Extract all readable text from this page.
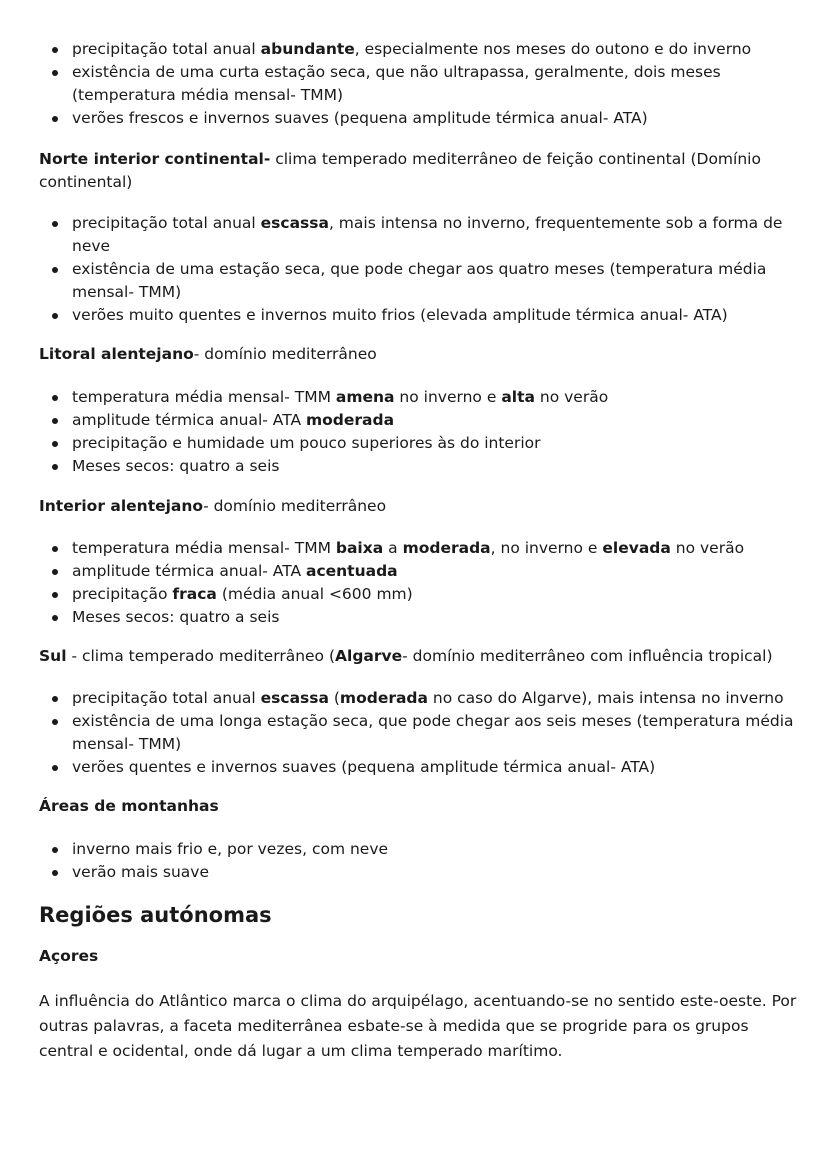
precipitação total anual abundante, especialmente nos meses do outono e do inverno
existência de uma curta estação seca, que não ultrapassa, geralmente, dois meses (temperatura média mensal- TMM)
verões frescos e invernos suaves (pequena amplitude térmica anual- ATA)

Norte interior continental- clima temperado mediterrâneo de feição continental (Domínio continental)

precipitação total anual escassa, mais intensa no inverno, frequentemente sob a forma de neve
existência de uma estação seca, que pode chegar aos quatro meses (temperatura média mensal- TMM)
verões muito quentes e invernos muito frios (elevada amplitude térmica anual- ATA)

Litoral alentejano- domínio mediterrâneo

temperatura média mensal- TMM amena no inverno e alta no verão
amplitude térmica anual- ATA moderada
precipitação e humidade um pouco superiores às do interior
Meses secos: quatro a seis

Interior alentejano- domínio mediterrâneo

temperatura média mensal- TMM baixa a moderada, no inverno e elevada no verão
amplitude térmica anual- ATA acentuada
precipitação fraca (média anual <600 mm)
Meses secos: quatro a seis

Sul - clima temperado mediterrâneo (Algarve- domínio mediterrâneo com influência tropical)

precipitação total anual escassa (moderada no caso do Algarve), mais intensa no inverno
existência de uma longa estação seca, que pode chegar aos seis meses (temperatura média mensal- TMM)
verões quentes e invernos suaves (pequena amplitude térmica anual- ATA)
Áreas de montanhas
inverno mais frio e, por vezes, com neve
verão mais suave
Regiões autónomas
Açores

A influência do Atlântico marca o clima do arquipélago, acentuando-se no sentido este-oeste. Por outras palavras, a faceta mediterrânea esbate-se à medida que se progride para os grupos central e ocidental, onde dá lugar a um clima temperado marítimo.
